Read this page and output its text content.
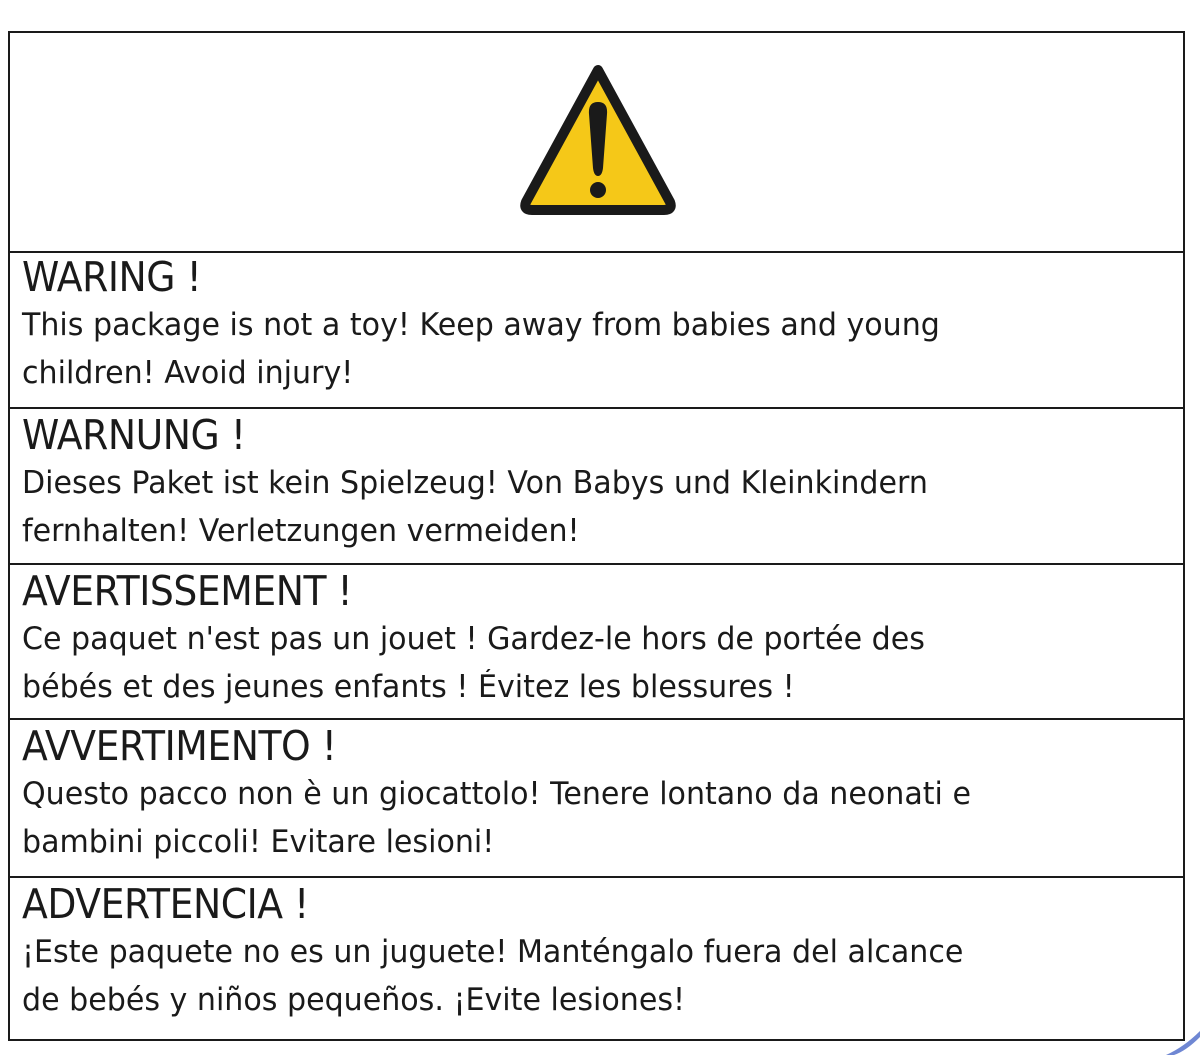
WARING !
This package is not a toy! Keep away from babies and young
children! Avoid injury!
WARNUNG !
Dieses Paket ist kein Spielzeug! Von Babys und Kleinkindern
fernhalten! Verletzungen vermeiden!
AVERTISSEMENT !
Ce paquet n'est pas un jouet ! Gardez-le hors de portée des
bébés et des jeunes enfants ! Évitez les blessures !
AVVERTIMENTO !
Questo pacco non è un giocattolo! Tenere lontano da neonati e
bambini piccoli! Evitare lesioni!
ADVERTENCIA !
¡Este paquete no es un juguete! Manténgalo fuera del alcance
de bebés y niños pequeños. ¡Evite lesiones!
